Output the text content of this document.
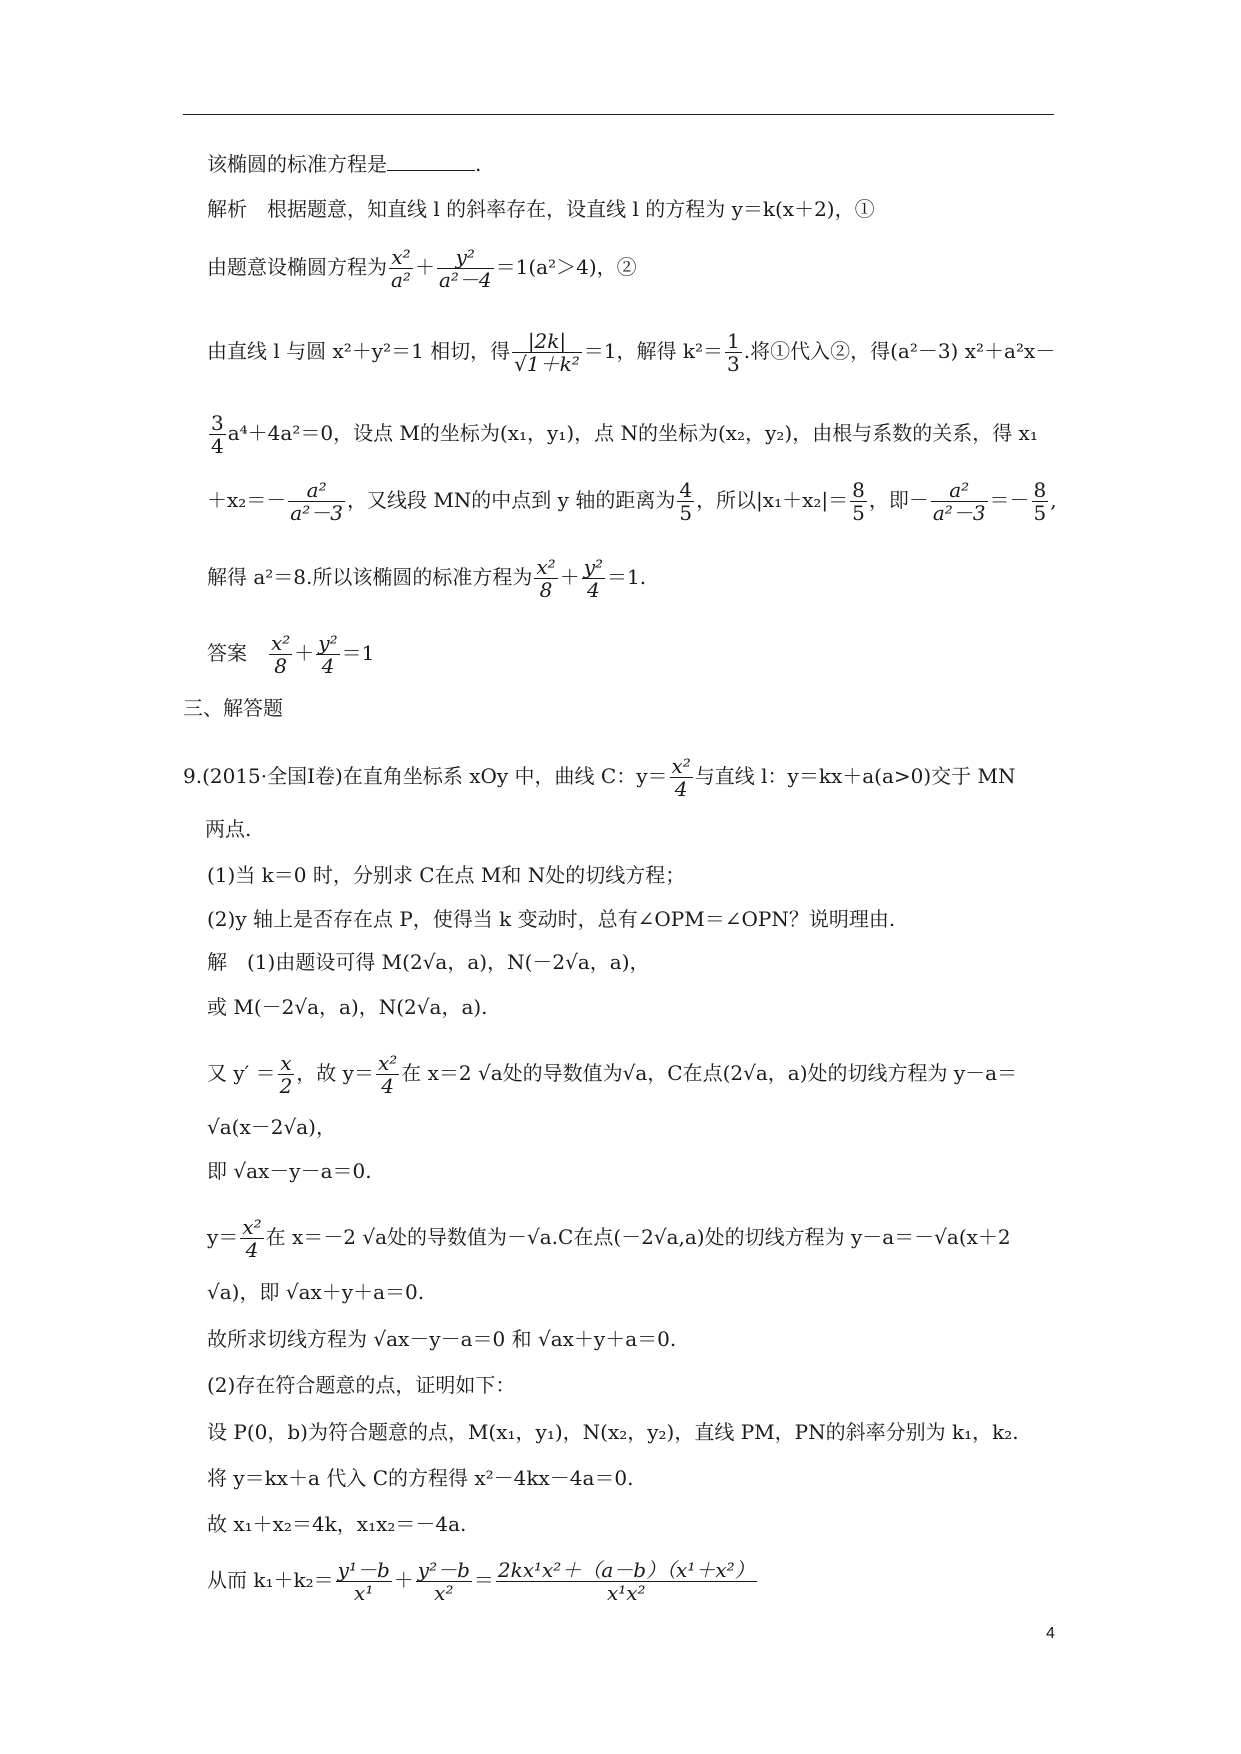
该椭圆的标准方程是	.
解析　根据题意，知直线 l 的斜率存在，设直线 l 的方程为 y＝k(x＋2)，①
由题意设椭圆方程为 $\frac{\text{x²}}{\text{a²}} + \frac{\text{y²}}{\text{a²－4}} =1(a^2>4)$，②
由直线 l 与圆 x²＋y²＝1 相切，得 $\frac{|2k|}{\text{√1＋k²}} =1$，解得 $k^2= \frac{1}{3}$ .将①代入②，得(a²－3) x²＋a²x－
$\frac{3}{4} a^4+4a^2=0$，设点 M的坐标为(x₁，y₁)，点 N的坐标为(x₂，y₂)，由根与系数的关系，得 x₁
$+x_2=- \frac{\text{a²}}{\text{a²－3}}$ ，又线段 MN的中点到 y 轴的距离为 $\frac{4}{5}$ ，所以$|x_1+x_2|= \frac{8}{5}$ ，即－ $\frac{\text{a²}}{\text{a²－3}} =- \frac{8}{5}$ ,
解得 a²＝8.所以该椭圆的标准方程为 $\frac{\text{x²}}{8} + \frac{\text{y²}}{4} =1$.
答案　 $\frac{\text{x²}}{8} + \frac{\text{y²}}{4} =1$
三、解答题
9.(2015·全国Ⅰ卷)在直角坐标系 xOy 中，曲线 C：$y= \frac{\text{x²}}{4}$ 与直线 l：y＝kx＋a(a>0)交于 MN
两点.
(1)当 k＝0 时，分别求 C在点 M和 N处的切线方程；
(2)y 轴上是否存在点 P，使得当 k 变动时，总有∠OPM＝∠OPN？说明理由.
解　(1)由题设可得 M(2√a，a)，N(－2√a，a)，
或 M(－2√a，a)，N(2√a，a).
又 $y' = \frac{x}{2}$ ，故 $y= \frac{\text{x²}}{4}$ 在 x＝2 √a处的导数值为√a，C在点(2√a，a)处的切线方程为 y－a＝
√a(x－2√a)，
即 √ax－y－a＝0.
$y= \frac{\text{x²}}{4}$ 在 x＝－2 √a处的导数值为－√a.C在点(－2√a,a)处的切线方程为 y－a＝－√a(x＋2
√a)，即 √ax＋y＋a＝0.
故所求切线方程为 √ax－y－a＝0 和 √ax＋y＋a＝0.
(2)存在符合题意的点，证明如下：
设 P(0，b)为符合题意的点，M(x₁，y₁)，N(x₂，y₂)，直线 PM，PN的斜率分别为 k₁，k₂.
将 y＝kx＋a 代入 C的方程得 x²－4kx－4a＝0.
故 x₁＋x₂＝4k，x₁x₂＝－4a.
从而 $k_1+k_2= \frac{\text{y¹－b}}{\text{x¹}} + \frac{\text{y²－b}}{\text{x²}} = \frac{\text{2kx¹x²＋（a－b）（x¹＋x²）}}{\text{x¹x²}}$
4
